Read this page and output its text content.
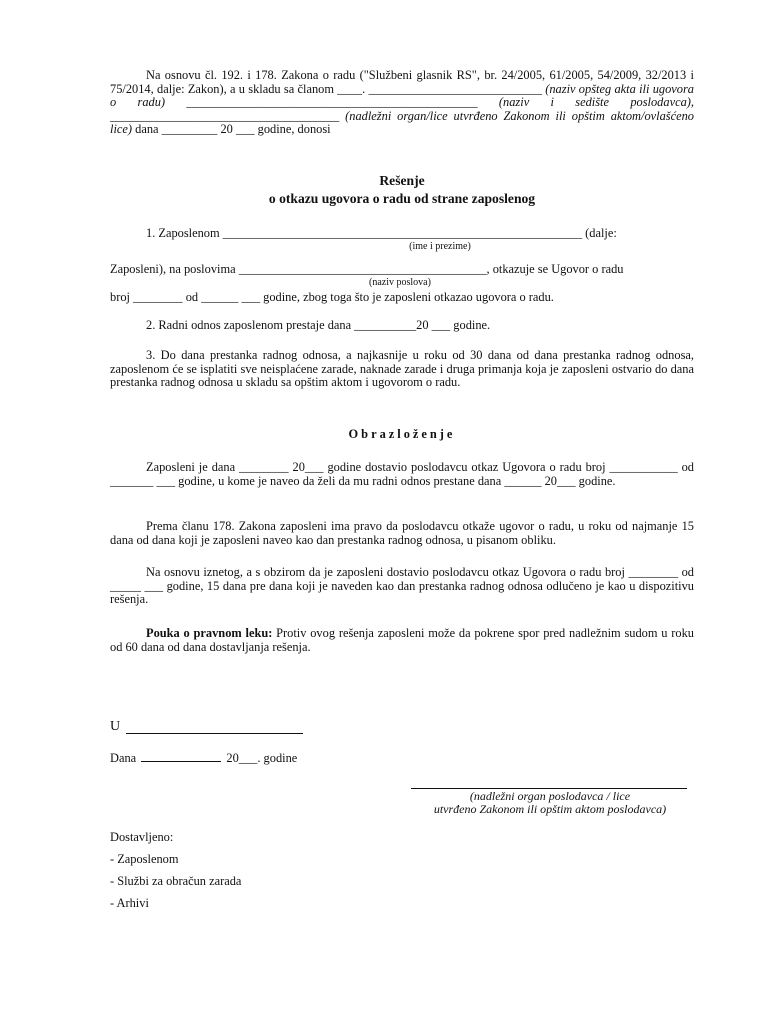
Na osnovu čl. 192. i 178. Zakona o radu ("Službeni glasnik RS", br. 24/2005, 61/2005, 54/2009, 32/2013 i 75/2014, dalje: Zakon), a u skladu sa članom ____. ____________________________ (naziv opšteg akta ili ugovora o radu) _______________________________________________ (naziv i sedište poslodavca), _____________________________________ (nadležni organ/lice utvrđeno Zakonom ili opštim aktom/ovlašćeno lice) dana _________ 20 ___ godine, donosi

Rešenje
o otkazu ugovora o radu od strane zaposlenog

1. Zaposlenom __________________________________________________________ (dalje:

(ime i prezime)

Zaposleni), na poslovima ________________________________________, otkazuje se Ugovor o radu

(naziv poslova)

broj ________ od ______ ___ godine, zbog toga što je zaposleni otkazao ugovora o radu.

2. Radni odnos zaposlenom prestaje dana __________20 ___ godine.

3. Do dana prestanka radnog odnosa, a najkasnije u roku od 30 dana od dana prestanka radnog odnosa, zaposlenom će se isplatiti sve neisplaćene zarade, naknade zarade i druga primanja koja je zaposleni ostvario do dana prestanka radnog odnosa u skladu sa opštim aktom i ugovorom o radu.

Obrazloženje

Zaposleni je dana ________ 20___ godine dostavio poslodavcu otkaz Ugovora o radu broj ___________ od _______ ___ godine, u kome je naveo da želi da mu radni odnos prestane dana ______ 20___ godine.

Prema članu 178. Zakona zaposleni ima pravo da poslodavcu otkaže ugovor o radu, u roku od najmanje 15 dana od dana koji je zaposleni naveo kao dan prestanka radnog odnosa, u pisanom obliku.

Na osnovu iznetog, a s obzirom da je zaposleni dostavio poslodavcu otkaz Ugovora o radu broj ________ od _____ ___ godine, 15 dana pre dana koji je naveden kao dan prestanka radnog odnosa odlučeno je kao u dispozitivu rešenja.

Pouka o pravnom leku: Protiv ovog rešenja zaposleni može da pokrene spor pred nadležnim sudom u roku od 60 dana od dana dostavljanja rešenja.

U
Dana	20___. godine
(nadležni organ poslodavca / lice
utvrđeno Zakonom ili opštim aktom poslodavca)
Dostavljeno:
- Zaposlenom
- Službi za obračun zarada
- Arhivi
